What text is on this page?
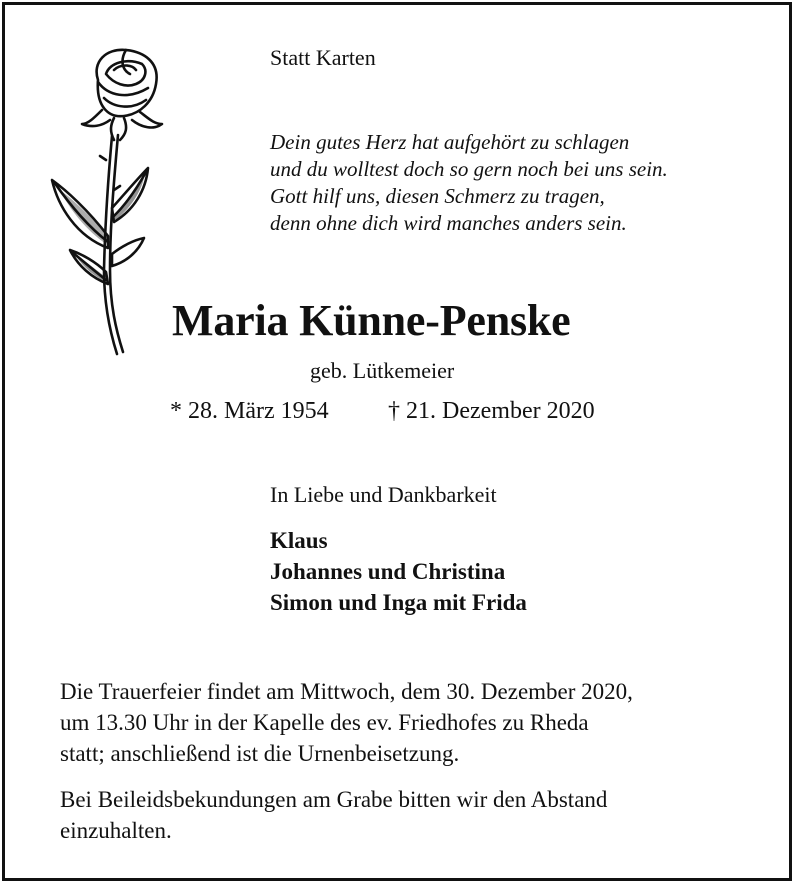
Statt Karten
Dein gutes Herz hat aufgehört zu schlagen
und du wolltest doch so gern noch bei uns sein.
Gott hilf uns, diesen Schmerz zu tragen,
denn ohne dich wird manches anders sein.
Maria Künne-Penske
geb. Lütkemeier
* 28. März 1954 † 21. Dezember 2020
In Liebe und Dankbarkeit
Klaus
Johannes und Christina
Simon und Inga mit Frida
Die Trauerfeier findet am Mittwoch, dem 30. Dezember 2020,
um 13.30 Uhr in der Kapelle des ev. Friedhofes zu Rheda
statt; anschließend ist die Urnenbeisetzung.
Bei Beileidsbekundungen am Grabe bitten wir den Abstand
einzuhalten.
